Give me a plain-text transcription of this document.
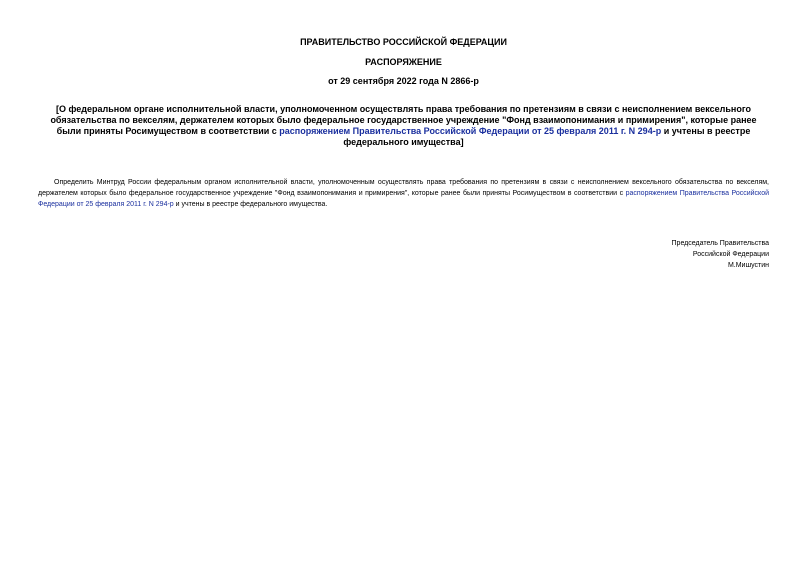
ПРАВИТЕЛЬСТВО РОССИЙСКОЙ ФЕДЕРАЦИИ
РАСПОРЯЖЕНИЕ
от 29 сентября 2022 года N 2866-р
[О федеральном органе исполнительной власти, уполномоченном осуществлять права требования по претензиям в связи с неисполнением вексельного обязательства по векселям, держателем которых было федеральное государственное учреждение "Фонд взаимопонимания и примирения", которые ранее были приняты Росимуществом в соответствии с распоряжением Правительства Российской Федерации от 25 февраля 2011 г. N 294-р и учтены в реестре федерального имущества]
Определить Минтруд России федеральным органом исполнительной власти, уполномоченным осуществлять права требования по претензиям в связи с неисполнением вексельного обязательства по векселям, держателем которых было федеральное государственное учреждение "Фонд взаимопонимания и примирения", которые ранее были приняты Росимуществом в соответствии с распоряжением Правительства Российской Федерации от 25 февраля 2011 г. N 294-р и учтены в реестре федерального имущества.
Председатель Правительства
Российской Федерации
М.Мишустин
